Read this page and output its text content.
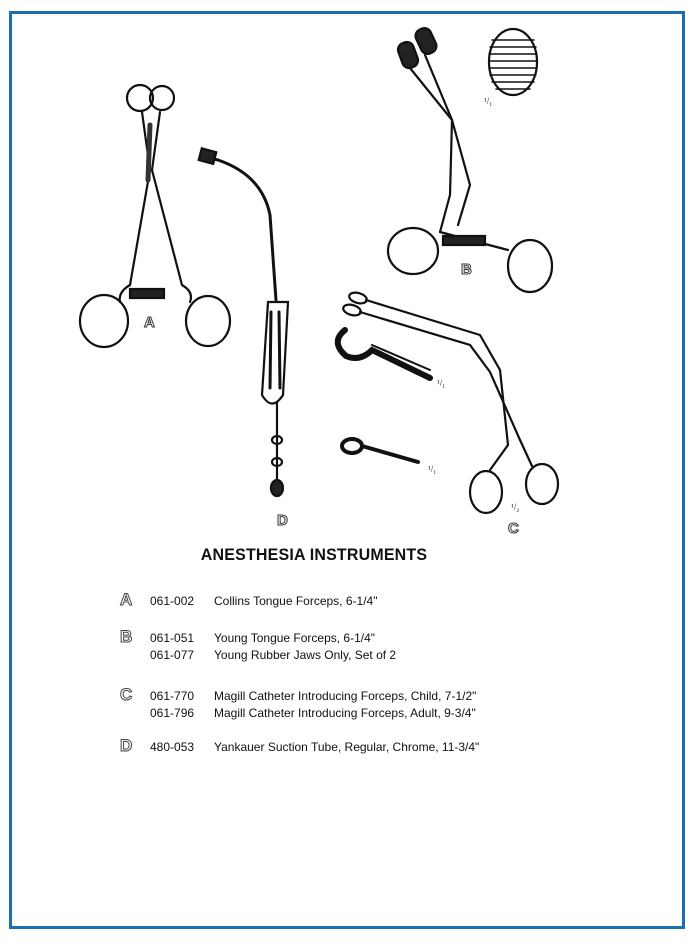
A
B
C
D
¹/₁
¹/₁
¹/₁
¹/₂
ANESTHESIA INSTRUMENTS
A	061-002	Collins Tongue Forceps, 6-1/4"
B	061-051	Young Tongue Forceps, 6-1/4"
061-077	Young Rubber Jaws Only, Set of 2
C	061-770	Magill Catheter Introducing Forceps, Child, 7-1/2"
061-796	Magill Catheter Introducing Forceps, Adult, 9-3/4"
D	480-053	Yankauer Suction Tube, Regular, Chrome, 11-3/4"
